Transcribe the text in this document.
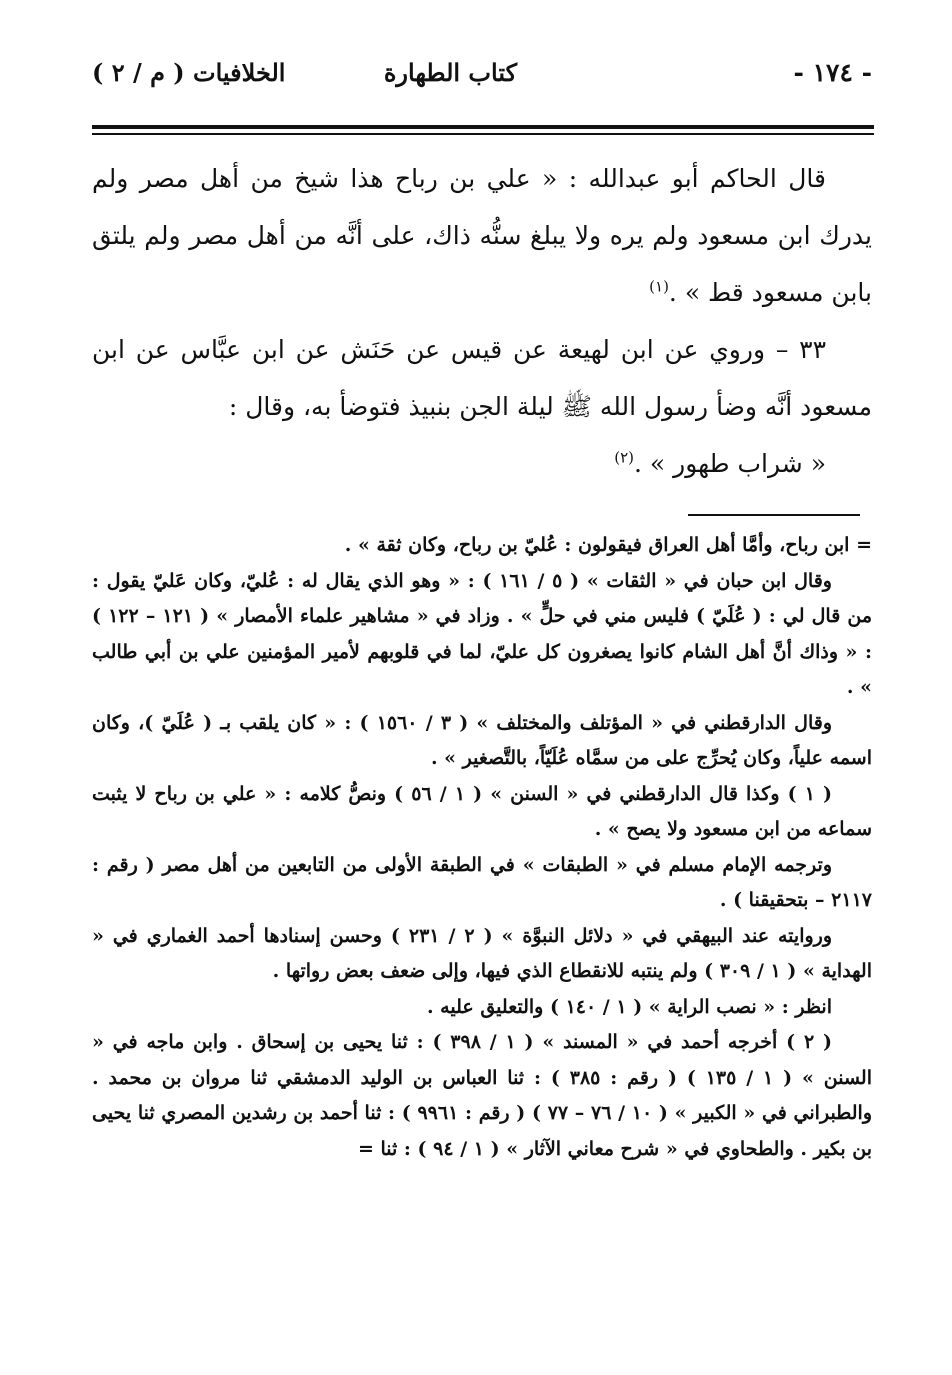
- ١٧٤ -
كتاب الطهارة
الخلافيات ( م / ٢ )

قال الحاكم أبو عبدالله : « علي بن رباح هذا شيخ من أهل مصر ولم يدرك ابن مسعود ولم يره ولا يبلغ سنُّه ذاك، على أنَّه من أهل مصر ولم يلتق بابن مسعود قط » .$^{(١)}$

٣٣ – وروي عن ابن لهيعة عن قيس عن حَنَش عن ابن عبَّاس عن ابن مسعود أنَّه وضأ رسول الله ﷺ ليلة الجن بنبيذ فتوضأ به، وقال :

« شراب طهور » .$^{(٢)}$

= ابن رباح، وأمَّا أهل العراق فيقولون : عُليّ بن رباح، وكان ثقة » .

وقال ابن حبان في « الثقات » ( ٥ / ١٦١ ) : « وهو الذي يقال له : عُليّ، وكان عَليّ يقول : من قال لي : ( عُلَيّ ) فليس مني في حلٍّ » . وزاد في « مشاهير علماء الأمصار » ( ١٢١ – ١٢٢ ) : « وذاك أنَّ أهل الشام كانوا يصغرون كل عليّ، لما في قلوبهم لأمير المؤمنين علي بن أبي طالب » .

وقال الدارقطني في « المؤتلف والمختلف » ( ٣ / ١٥٦٠ ) : « كان يلقب بـ ( عُلَيّ )، وكان اسمه علياً، وكان يُحرِّج على من سمَّاه عُلَيّاً، بالتَّصغير » .

( ١ ) وكذا قال الدارقطني في « السنن » ( ١ / ٥٦ ) ونصُّ كلامه : « علي بن رباح لا يثبت سماعه من ابن مسعود ولا يصح » .

وترجمه الإمام مسلم في « الطبقات » في الطبقة الأولى من التابعين من أهل مصر ( رقم : ٢١١٧ – بتحقيقنا ) .

وروايته عند البيهقي في « دلائل النبوَّة » ( ٢ / ٢٣١ ) وحسن إسنادها أحمد الغماري في « الهداية » ( ١ / ٣٠٩ ) ولم ينتبه للانقطاع الذي فيها، وإلى ضعف بعض رواتها .

انظر : « نصب الراية » ( ١ / ١٤٠ ) والتعليق عليه .

( ٢ ) أخرجه أحمد في « المسند » ( ١ / ٣٩٨ ) : ثنا يحيى بن إسحاق . وابن ماجه في « السنن » ( ١ / ١٣٥ ) ( رقم : ٣٨٥ ) : ثنا العباس بن الوليد الدمشقي ثنا مروان بن محمد . والطبراني في « الكبير » ( ١٠ / ٧٦ – ٧٧ ) ( رقم : ٩٩٦١ ) : ثنا أحمد بن رشدين المصري ثنا يحيى بن بكير . والطحاوي في « شرح معاني الآثار » ( ١ / ٩٤ ) : ثنا =
